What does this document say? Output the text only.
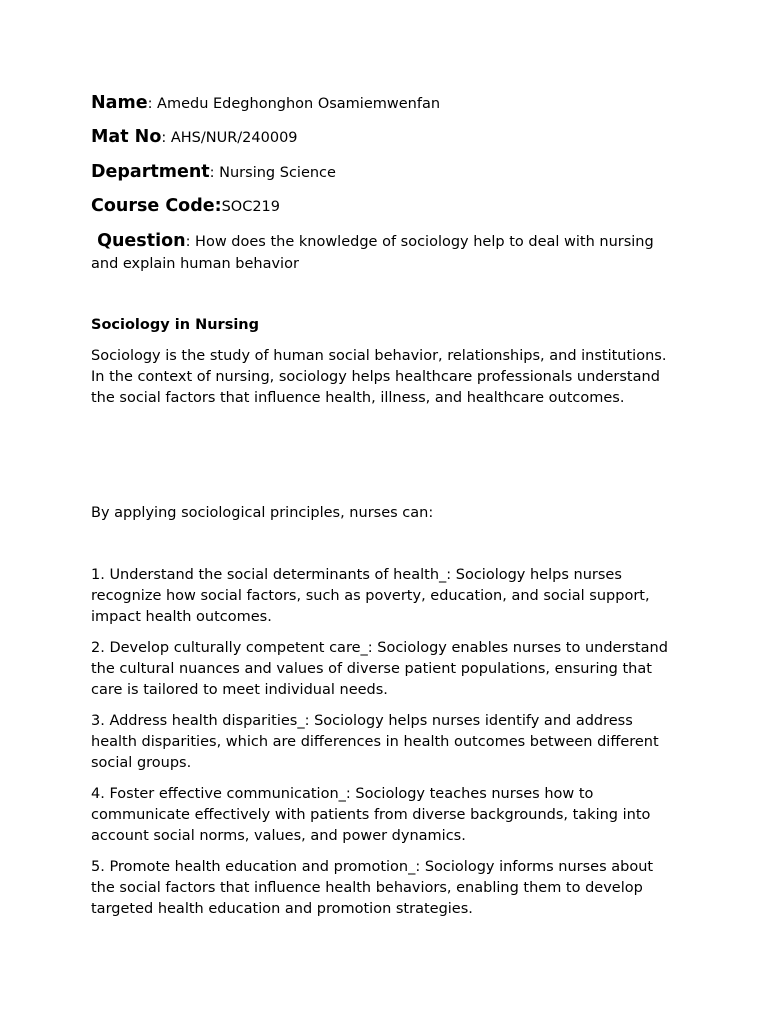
Name: Amedu Edeghonghon Osamiemwenfan
Mat No: AHS/NUR/240009
Department: Nursing Science
Course Code:SOC219
Question: How does the knowledge of sociology help to deal with nursing and explain human behavior
Sociology in Nursing
Sociology is the study of human social behavior, relationships, and institutions. In the context of nursing, sociology helps healthcare professionals understand the social factors that influence health, illness, and healthcare outcomes.
By applying sociological principles, nurses can:
1. Understand the social determinants of health_: Sociology helps nurses recognize how social factors, such as poverty, education, and social support, impact health outcomes.
2. Develop culturally competent care_: Sociology enables nurses to understand the cultural nuances and values of diverse patient populations, ensuring that care is tailored to meet individual needs.
3. Address health disparities_: Sociology helps nurses identify and address health disparities, which are differences in health outcomes between different social groups.
4. Foster effective communication_: Sociology teaches nurses how to communicate effectively with patients from diverse backgrounds, taking into account social norms, values, and power dynamics.
5. Promote health education and promotion_: Sociology informs nurses about the social factors that influence health behaviors, enabling them to develop targeted health education and promotion strategies.
